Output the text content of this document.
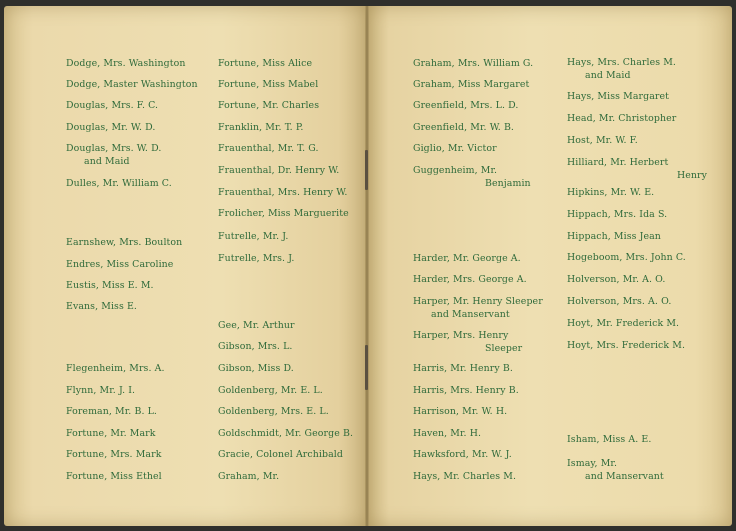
Dodge, Mrs. Washington
Dodge, Master Washington
Douglas, Mrs. F. C.
Douglas, Mr. W. D.
Douglas, Mrs. W. D.
and Maid
Dulles, Mr. William C.
Earnshew, Mrs. Boulton
Endres, Miss Caroline
Eustis, Miss E. M.
Evans, Miss E.
Flegenheim, Mrs. A.
Flynn, Mr. J. I.
Foreman, Mr. B. L.
Fortune, Mr. Mark
Fortune, Mrs. Mark
Fortune, Miss Ethel
Fortune, Miss Alice
Fortune, Miss Mabel
Fortune, Mr. Charles
Franklin, Mr. T. P.
Frauenthal, Mr. T. G.
Frauenthal, Dr. Henry W.
Frauenthal, Mrs. Henry W.
Frolicher, Miss Marguerite
Futrelle, Mr. J.
Futrelle, Mrs. J.
Gee, Mr. Arthur
Gibson, Mrs. L.
Gibson, Miss D.
Goldenberg, Mr. E. L.
Goldenberg, Mrs. E. L.
Goldschmidt, Mr. George B.
Gracie, Colonel Archibald
Graham, Mr.
Graham, Mrs. William G.
Graham, Miss Margaret
Greenfield, Mrs. L. D.
Greenfield, Mr. W. B.
Giglio, Mr. Victor
Guggenheim, Mr.
Benjamin
Harder, Mr. George A.
Harder, Mrs. George A.
Harper, Mr. Henry Sleeper
and Manservant
Harper, Mrs. Henry
Sleeper
Harris, Mr. Henry B.
Harris, Mrs. Henry B.
Harrison, Mr. W. H.
Haven, Mr. H.
Hawksford, Mr. W. J.
Hays, Mr. Charles M.
Hays, Mrs. Charles M.
and Maid
Hays, Miss Margaret
Head, Mr. Christopher
Host, Mr. W. F.
Hilliard, Mr. Herbert
Henry
Hipkins, Mr. W. E.
Hippach, Mrs. Ida S.
Hippach, Miss Jean
Hogeboom, Mrs. John C.
Holverson, Mr. A. O.
Holverson, Mrs. A. O.
Hoyt, Mr. Frederick M.
Hoyt, Mrs. Frederick M.
Isham, Miss A. E.
Ismay, Mr.
and Manservant
